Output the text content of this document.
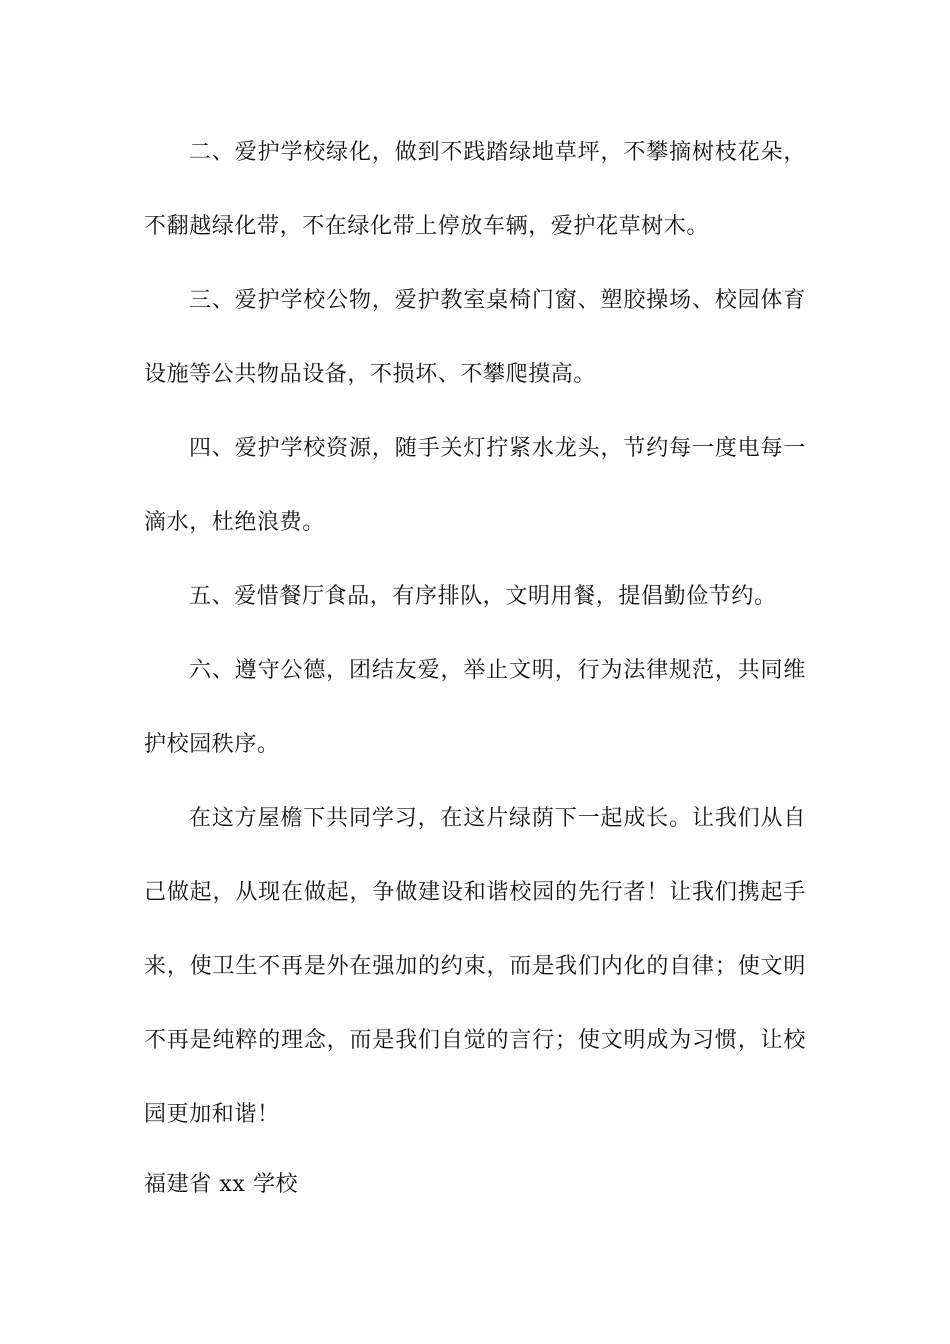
二、爱护学校绿化，做到不践踏绿地草坪，不攀摘树枝花朵，不翻越绿化带，不在绿化带上停放车辆，爱护花草树木。

三、爱护学校公物，爱护教室桌椅门窗、塑胶操场、校园体育设施等公共物品设备，不损坏、不攀爬摸高。

四、爱护学校资源，随手关灯拧紧水龙头，节约每一度电每一滴水，杜绝浪费。

五、爱惜餐厅食品，有序排队，文明用餐，提倡勤俭节约。

六、遵守公德，团结友爱，举止文明，行为法律规范，共同维护校园秩序。

在这方屋檐下共同学习，在这片绿荫下一起成长。让我们从自己做起，从现在做起，争做建设和谐校园的先行者！让我们携起手来，使卫生不再是外在强加的约束，而是我们内化的自律；使文明不再是纯粹的理念，而是我们自觉的言行；使文明成为习惯，让校园更加和谐！

福建省 xx 学校
